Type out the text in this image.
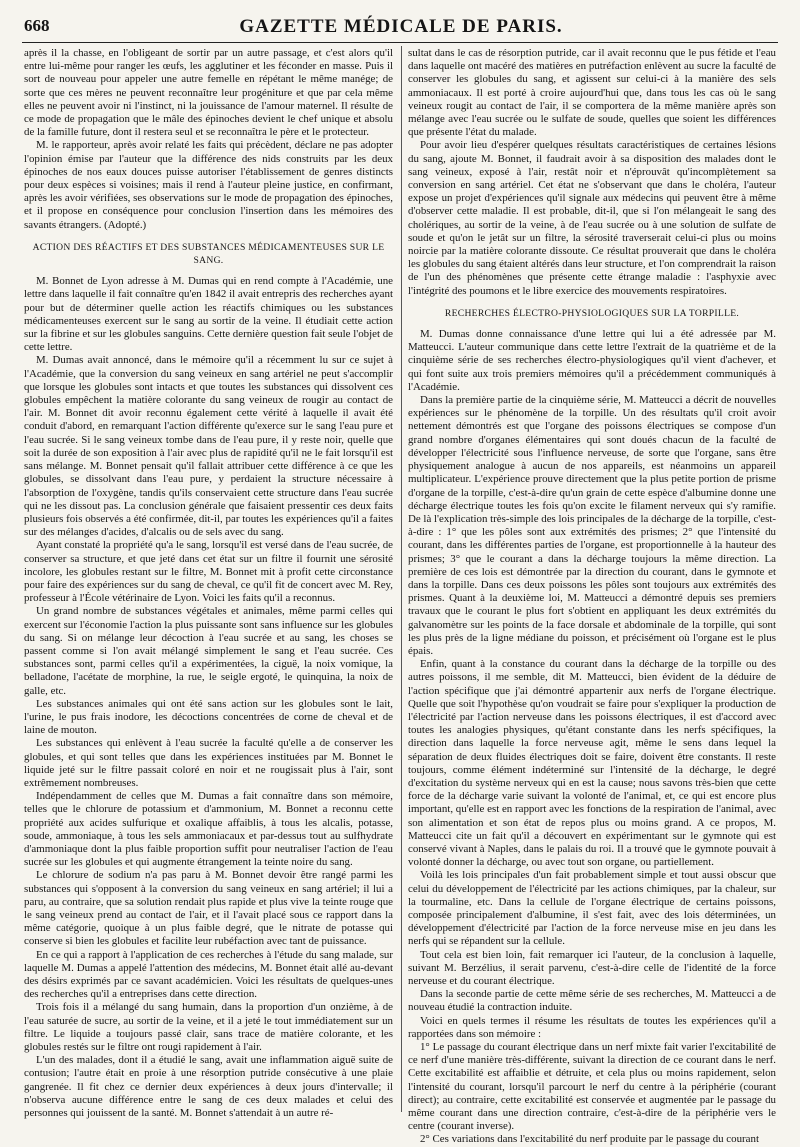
668	GAZETTE MÉDICALE DE PARIS.

après il la chasse, en l'obligeant de sortir par un autre passage, et c'est alors qu'il entre lui-même pour ranger les œufs, les agglutiner et les féconder en masse. Puis il sort de nouveau pour appeler une autre femelle en répétant le même manége; de sorte que ces mères ne peuvent reconnaître leur progéniture et que par cela même elles ne peuvent avoir ni l'instinct, ni la jouissance de l'amour maternel. Il résulte de ce mode de propagation que le mâle des épinoches devient le chef unique et absolu de la famille future, dont il restera seul et se reconnaîtra le père et le protecteur.

M. le rapporteur, après avoir relaté les faits qui précèdent, déclare ne pas adopter l'opinion émise par l'auteur que la différence des nids construits par les deux épinoches de nos eaux douces puisse autoriser l'établissement de genres distincts pour deux espèces si voisines; mais il rend à l'auteur pleine justice, en confirmant, après les avoir vérifiées, ses observations sur le mode de propagation des épinoches, et il propose en conséquence pour conclusion l'insertion dans les mémoires des savants étrangers. (Adopté.)

ACTION DES RÉACTIFS ET DES SUBSTANCES MÉDICAMENTEUSES SUR LE SANG.

M. Bonnet de Lyon adresse à M. Dumas qui en rend compte à l'Académie, une lettre dans laquelle il fait connaître qu'en 1842 il avait entrepris des recherches ayant pour but de déterminer quelle action les réactifs chimiques ou les substances médicamenteuses exercent sur le sang au sortir de la veine. Il étudiait cette action sur la fibrine et sur les globules sanguins. Cette dernière question fait seule l'objet de cette lettre.

M. Dumas avait annoncé, dans le mémoire qu'il a récemment lu sur ce sujet à l'Académie, que la conversion du sang veineux en sang artériel ne peut s'accomplir que lorsque les globules sont intacts et que toutes les substances qui dissolvent ces globules empêchent la matière colorante du sang veineux de rougir au contact de l'air. M. Bonnet dit avoir reconnu également cette vérité à laquelle il avait été conduit d'abord, en remarquant l'action différente qu'exerce sur le sang l'eau pure et l'eau sucrée. Si le sang veineux tombe dans de l'eau pure, il y reste noir, quelle que soit la durée de son exposition à l'air avec plus de rapidité qu'il ne le fait lorsqu'il est sans mélange. M. Bonnet pensait qu'il fallait attribuer cette différence à ce que les globules, se dissolvant dans l'eau pure, y perdaient la structure nécessaire à l'absorption de l'oxygène, tandis qu'ils conservaient cette structure dans l'eau sucrée qui ne les dissout pas. La conclusion générale que faisaient pressentir ces deux faits plusieurs fois observés a été confirmée, dit-il, par toutes les expériences qu'il a faites sur des mélanges d'acides, d'alcalis ou de sels avec du sang.

Ayant constaté la propriété qu'a le sang, lorsqu'il est versé dans de l'eau sucrée, de conserver sa structure, et que jeté dans cet état sur un filtre il fournit une sérosité incolore, les globules restant sur le filtre, M. Bonnet mit à profit cette circonstance pour faire des expériences sur du sang de cheval, ce qu'il fit de concert avec M. Rey, professeur à l'École vétérinaire de Lyon. Voici les faits qu'il a reconnus.

Un grand nombre de substances végétales et animales, même parmi celles qui exercent sur l'économie l'action la plus puissante sont sans influence sur les globules du sang. Si on mélange leur décoction à l'eau sucrée et au sang, les choses se passent comme si l'on avait mélangé simplement le sang et l'eau sucrée. Ces substances sont, parmi celles qu'il a expérimentées, la ciguë, la noix vomique, la belladone, l'acétate de morphine, la rue, le seigle ergoté, le quinquina, la noix de galle, etc.

Les substances animales qui ont été sans action sur les globules sont le lait, l'urine, le pus frais inodore, les décoctions concentrées de corne de cheval et de laine de mouton.

Les substances qui enlèvent à l'eau sucrée la faculté qu'elle a de conserver les globules, et qui sont telles que dans les expériences instituées par M. Bonnet le liquide jeté sur le filtre passait coloré en noir et ne rougissait plus à l'air, sont extrêmement nombreuses.

Indépendamment de celles que M. Dumas a fait connaître dans son mémoire, telles que le chlorure de potassium et d'ammonium, M. Bonnet a reconnu cette propriété aux acides sulfurique et oxalique affaiblis, à tous les alcalis, potasse, soude, ammoniaque, à tous les sels ammoniacaux et par-dessus tout au sulfhydrate d'ammoniaque dont la plus faible proportion suffit pour neutraliser l'action de l'eau sucrée sur les globules et qui augmente étrangement la teinte noire du sang.

Le chlorure de sodium n'a pas paru à M. Bonnet devoir être rangé parmi les substances qui s'opposent à la conversion du sang veineux en sang artériel; il lui a paru, au contraire, que sa solution rendait plus rapide et plus vive la teinte rouge que le sang veineux prend au contact de l'air, et il l'avait placé sous ce rapport dans la même catégorie, quoique à un plus faible degré, que le nitrate de potasse qui conserve si bien les globules et facilite leur rubéfaction avec tant de puissance.

En ce qui a rapport à l'application de ces recherches à l'étude du sang malade, sur laquelle M. Dumas a appelé l'attention des médecins, M. Bonnet était allé au-devant des désirs exprimés par ce savant académicien. Voici les résultats de quelques-unes des recherches qu'il a entreprises dans cette direction.

Trois fois il a mélangé du sang humain, dans la proportion d'un onzième, à de l'eau saturée de sucre, au sortir de la veine, et il a jeté le tout immédiatement sur un filtre. Le liquide a toujours passé clair, sans trace de matière colorante, et les globules restés sur le filtre ont rougi rapidement à l'air.

L'un des malades, dont il a étudié le sang, avait une inflammation aiguë suite de contusion; l'autre était en proie à une résorption putride consécutive à une plaie gangrenée. Il fit chez ce dernier deux expériences à deux jours d'intervalle; il n'observa aucune différence entre le sang de ces deux malades et celui des personnes qui jouissent de la santé. M. Bonnet s'attendait à un autre ré-

sultat dans le cas de résorption putride, car il avait reconnu que le pus fétide et l'eau dans laquelle ont macéré des matières en putréfaction enlèvent au sucre la faculté de conserver les globules du sang, et agissent sur celui-ci à la manière des sels ammoniacaux. Il est porté à croire aujourd'hui que, dans tous les cas où le sang veineux rougit au contact de l'air, il se comportera de la même manière après son mélange avec l'eau sucrée ou le sulfate de soude, quelles que soient les différences que présente l'état du malade.

Pour avoir lieu d'espérer quelques résultats caractéristiques de certaines lésions du sang, ajoute M. Bonnet, il faudrait avoir à sa disposition des malades dont le sang veineux, exposé à l'air, restât noir et n'éprouvât qu'incomplètement sa conversion en sang artériel. Cet état ne s'observant que dans le choléra, l'auteur expose un projet d'expériences qu'il signale aux médecins qui peuvent être à même d'observer cette maladie. Il est probable, dit-il, que si l'on mélangeait le sang des cholériques, au sortir de la veine, à de l'eau sucrée ou à une solution de sulfate de soude et qu'on le jetât sur un filtre, la sérosité traverserait celui-ci plus ou moins noircie par la matière colorante dissoute. Ce résultat prouverait que dans le choléra les globules du sang étaient altérés dans leur structure, et l'on comprendrait la raison de l'un des phénomènes que présente cette étrange maladie : l'asphyxie avec l'intégrité des poumons et le libre exercice des mouvements respiratoires.

RECHERCHES ÉLECTRO-PHYSIOLOGIQUES SUR LA TORPILLE.

M. Dumas donne connaissance d'une lettre qui lui a été adressée par M. Matteucci. L'auteur communique dans cette lettre l'extrait de la quatrième et de la cinquième série de ses recherches électro-physiologiques qu'il vient d'achever, et qui font suite aux trois premiers mémoires qu'il a précédemment communiqués à l'Académie.

Dans la première partie de la cinquième série, M. Matteucci a décrit de nouvelles expériences sur le phénomène de la torpille. Un des résultats qu'il croit avoir nettement démontrés est que l'organe des poissons électriques se compose d'un grand nombre d'organes élémentaires qui sont doués chacun de la faculté de développer l'électricité sous l'influence nerveuse, de sorte que l'organe, sans être physiquement analogue à aucun de nos appareils, est néanmoins un appareil multiplicateur. L'expérience prouve directement que la plus petite portion de prisme d'organe de la torpille, c'est-à-dire qu'un grain de cette espèce d'albumine donne une décharge électrique toutes les fois qu'on excite le filament nerveux qui s'y ramifie. De là l'explication très-simple des lois principales de la décharge de la torpille, c'est-à-dire : 1° que les pôles sont aux extrémités des prismes; 2° que l'intensité du courant, dans les différentes parties de l'organe, est proportionnelle à la hauteur des prismes; 3° que le courant a dans la décharge toujours la même direction. La première de ces lois est démontrée par la direction du courant, dans le gymnote et dans la torpille. Dans ces deux poissons les pôles sont toujours aux extrémités des prismes. Quant à la deuxième loi, M. Matteucci a démontré depuis ses premiers travaux que le courant le plus fort s'obtient en appliquant les deux extrémités du galvanomètre sur les points de la face dorsale et abdominale de la torpille, qui sont les plus près de la ligne médiane du poisson, et précisément où l'organe est le plus épais.

Enfin, quant à la constance du courant dans la décharge de la torpille ou des autres poissons, il me semble, dit M. Matteucci, bien évident de la déduire de l'action spécifique que j'ai démontré appartenir aux nerfs de l'organe électrique. Quelle que soit l'hypothèse qu'on voudrait se faire pour s'expliquer la production de l'électricité par l'action nerveuse dans les poissons électriques, il est d'accord avec toutes les analogies physiques, qu'étant constante dans les nerfs spécifiques, la direction dans laquelle la force nerveuse agit, même le sens dans lequel la séparation de deux fluides électriques doit se faire, doivent être constants. Il reste toujours, comme élément indéterminé sur l'intensité de la décharge, le degré d'excitation du système nerveux qui en est la cause; nous savons très-bien que cette force de la décharge varie suivant la volonté de l'animal, et, ce qui est encore plus important, qu'elle est en rapport avec les fonctions de la respiration de l'animal, avec son alimentation et son état de repos plus ou moins grand. A ce propos, M. Matteucci cite un fait qu'il a découvert en expérimentant sur le gymnote qui est conservé vivant à Naples, dans le palais du roi. Il a trouvé que le gymnote pouvait à volonté donner la décharge, ou avec tout son organe, ou partiellement.

Voilà les lois principales d'un fait probablement simple et tout aussi obscur que celui du développement de l'électricité par les actions chimiques, par la chaleur, sur la tourmaline, etc. Dans la cellule de l'organe électrique de certains poissons, composée principalement d'albumine, il s'est fait, avec des lois déterminées, un développement d'électricité par l'action de la force nerveuse mise en jeu dans les nerfs qui se répandent sur la cellule.

Tout cela est bien loin, fait remarquer ici l'auteur, de la conclusion à laquelle, suivant M. Berzélius, il serait parvenu, c'est-à-dire celle de l'identité de la force nerveuse et du courant électrique.

Dans la seconde partie de cette même série de ses recherches, M. Matteucci a de nouveau étudié la contraction induite.

Voici en quels termes il résume les résultats de toutes les expériences qu'il a rapportées dans son mémoire :

1° Le passage du courant électrique dans un nerf mixte fait varier l'excitabilité de ce nerf d'une manière très-différente, suivant la direction de ce courant dans le nerf. Cette excitabilité est affaiblie et détruite, et cela plus ou moins rapidement, selon l'intensité du courant, lorsqu'il parcourt le nerf du centre à la périphérie (courant direct); au contraire, cette excitabilité est conservée et augmentée par le passage du même courant dans une direction contraire, c'est-à-dire de la périphérie vers le centre (courant inverse).

2° Ces variations dans l'excitabilité du nerf produite par le passage du courant
